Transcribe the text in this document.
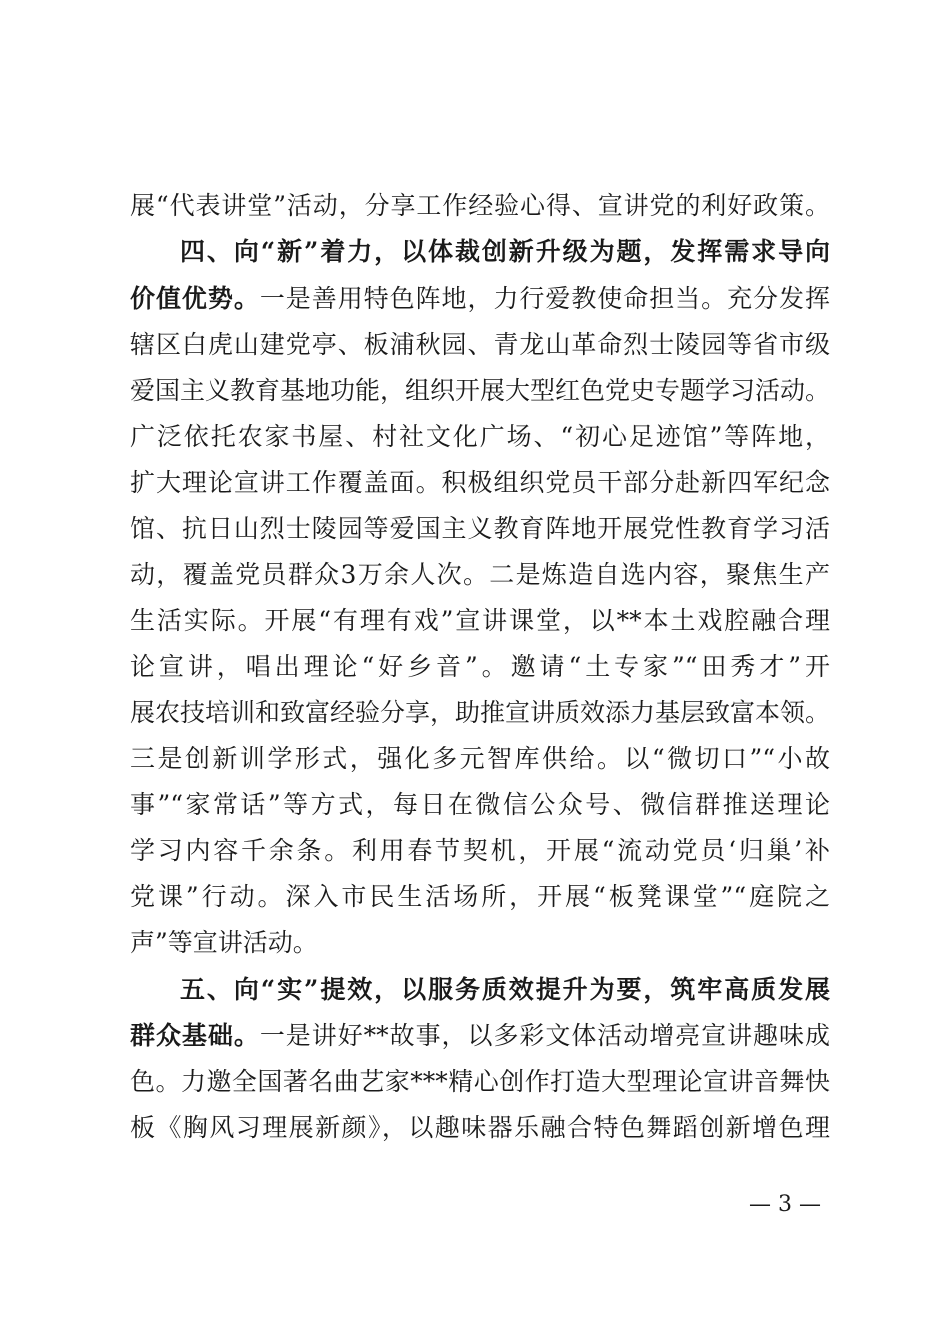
展“代表讲堂”活动，分享工作经验心得、宣讲党的利好政策。
四、向“新”着力，以体裁创新升级为题，发挥需求导向
价值优势。一是善用特色阵地，力行爱教使命担当。充分发挥
辖区白虎山建党亭、板浦秋园、青龙山革命烈士陵园等省市级
爱国主义教育基地功能，组织开展大型红色党史专题学习活动。
广泛依托农家书屋、村社文化广场、“初心足迹馆”等阵地，
扩大理论宣讲工作覆盖面。积极组织党员干部分赴新四军纪念
馆、抗日山烈士陵园等爱国主义教育阵地开展党性教育学习活
动，覆盖党员群众3万余人次。二是炼造自选内容，聚焦生产
生活实际。开展“有理有戏”宣讲课堂，以**本土戏腔融合理
论宣讲，唱出理论“好乡音”。邀请“土专家”“田秀才”开
展农技培训和致富经验分享，助推宣讲质效添力基层致富本领。
三是创新训学形式，强化多元智库供给。以“微切口”“小故
事”“家常话”等方式，每日在微信公众号、微信群推送理论
学习内容千余条。利用春节契机，开展“流动党员‘归巢’补
党课”行动。深入市民生活场所，开展“板凳课堂”“庭院之
声”等宣讲活动。
五、向“实”提效，以服务质效提升为要，筑牢高质发展
群众基础。一是讲好**故事，以多彩文体活动增亮宣讲趣味成
色。力邀全国著名曲艺家***精心创作打造大型理论宣讲音舞快
板《胸风习理展新颜》，以趣味器乐融合特色舞蹈创新增色理
— 3 —
